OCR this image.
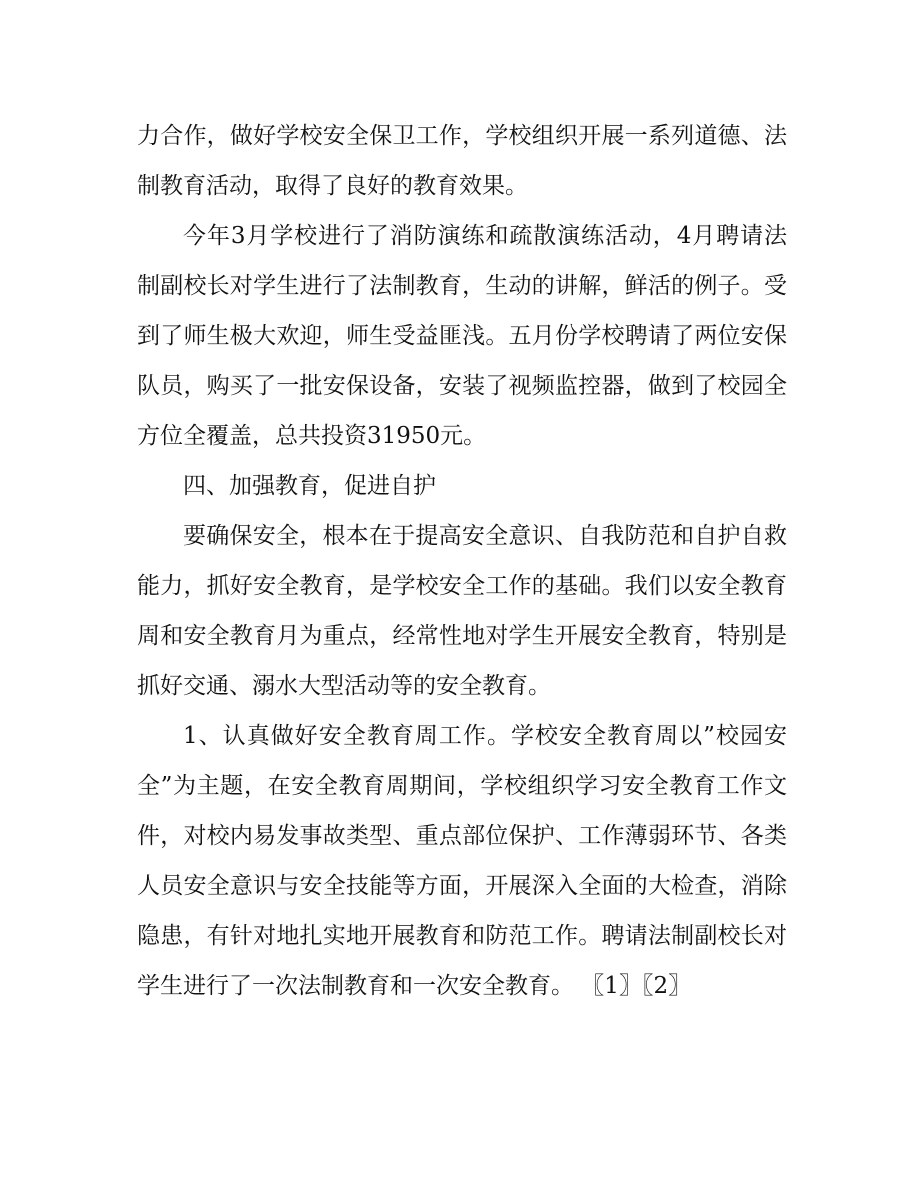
力合作，做好学校安全保卫工作，学校组织开展一系列道德、法制教育活动，取得了良好的教育效果。

今年3月学校进行了消防演练和疏散演练活动，4月聘请法制副校长对学生进行了法制教育，生动的讲解，鲜活的例子。受到了师生极大欢迎，师生受益匪浅。五月份学校聘请了两位安保队员，购买了一批安保设备，安装了视频监控器，做到了校园全方位全覆盖，总共投资31950元。

四、加强教育，促进自护

要确保安全，根本在于提高安全意识、自我防范和自护自救能力，抓好安全教育，是学校安全工作的基础。我们以安全教育周和安全教育月为重点，经常性地对学生开展安全教育，特别是抓好交通、溺水大型活动等的安全教育。

1、认真做好安全教育周工作。学校安全教育周以”校园安全”为主题，在安全教育周期间，学校组织学习安全教育工作文件，对校内易发事故类型、重点部位保护、工作薄弱环节、各类人员安全意识与安全技能等方面，开展深入全面的大检查，消除隐患，有针对地扎实地开展教育和防范工作。聘请法制副校长对学生进行了一次法制教育和一次安全教育。 〖1〗〖2〗
